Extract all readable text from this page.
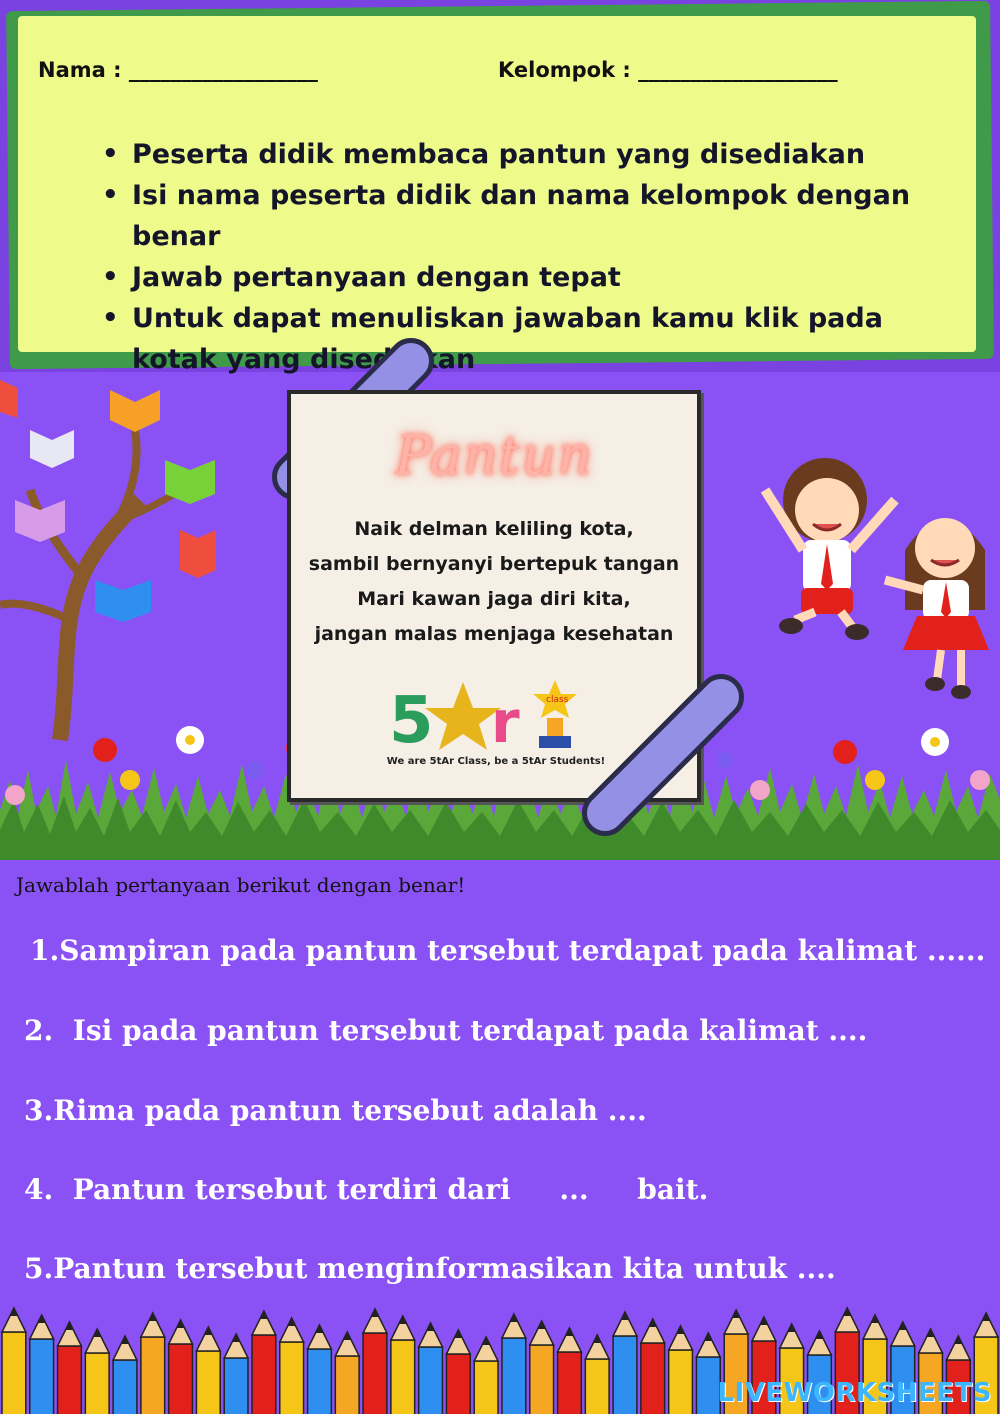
Nama : __________________	Kelompok : ___________________
• Peserta didik membaca pantun yang disediakan
• Isi nama peserta didik dan nama kelompok dengan benar
• Jawab pertanyaan dengan tepat
• Untuk dapat menuliskan jawaban kamu klik pada kotak yang disediakan
Pantun
Naik delman keliling kota,
sambil bernyanyi bertepuk tangan
Mari kawan jaga diri kita,
jangan malas menjaga kesehatan
5 r	class
We are 5tAr Class, be a 5tAr Students!
Jawablah pertanyaan berikut dengan benar!
1.Sampiran pada pantun tersebut terdapat pada kalimat ......
2.  Isi pada pantun tersebut terdapat pada kalimat ....
3.Rima pada pantun tersebut adalah ....
4.  Pantun tersebut terdiri dari     ...     bait.
5.Pantun tersebut menginformasikan kita untuk ....
LIVEWORKSHEETS
